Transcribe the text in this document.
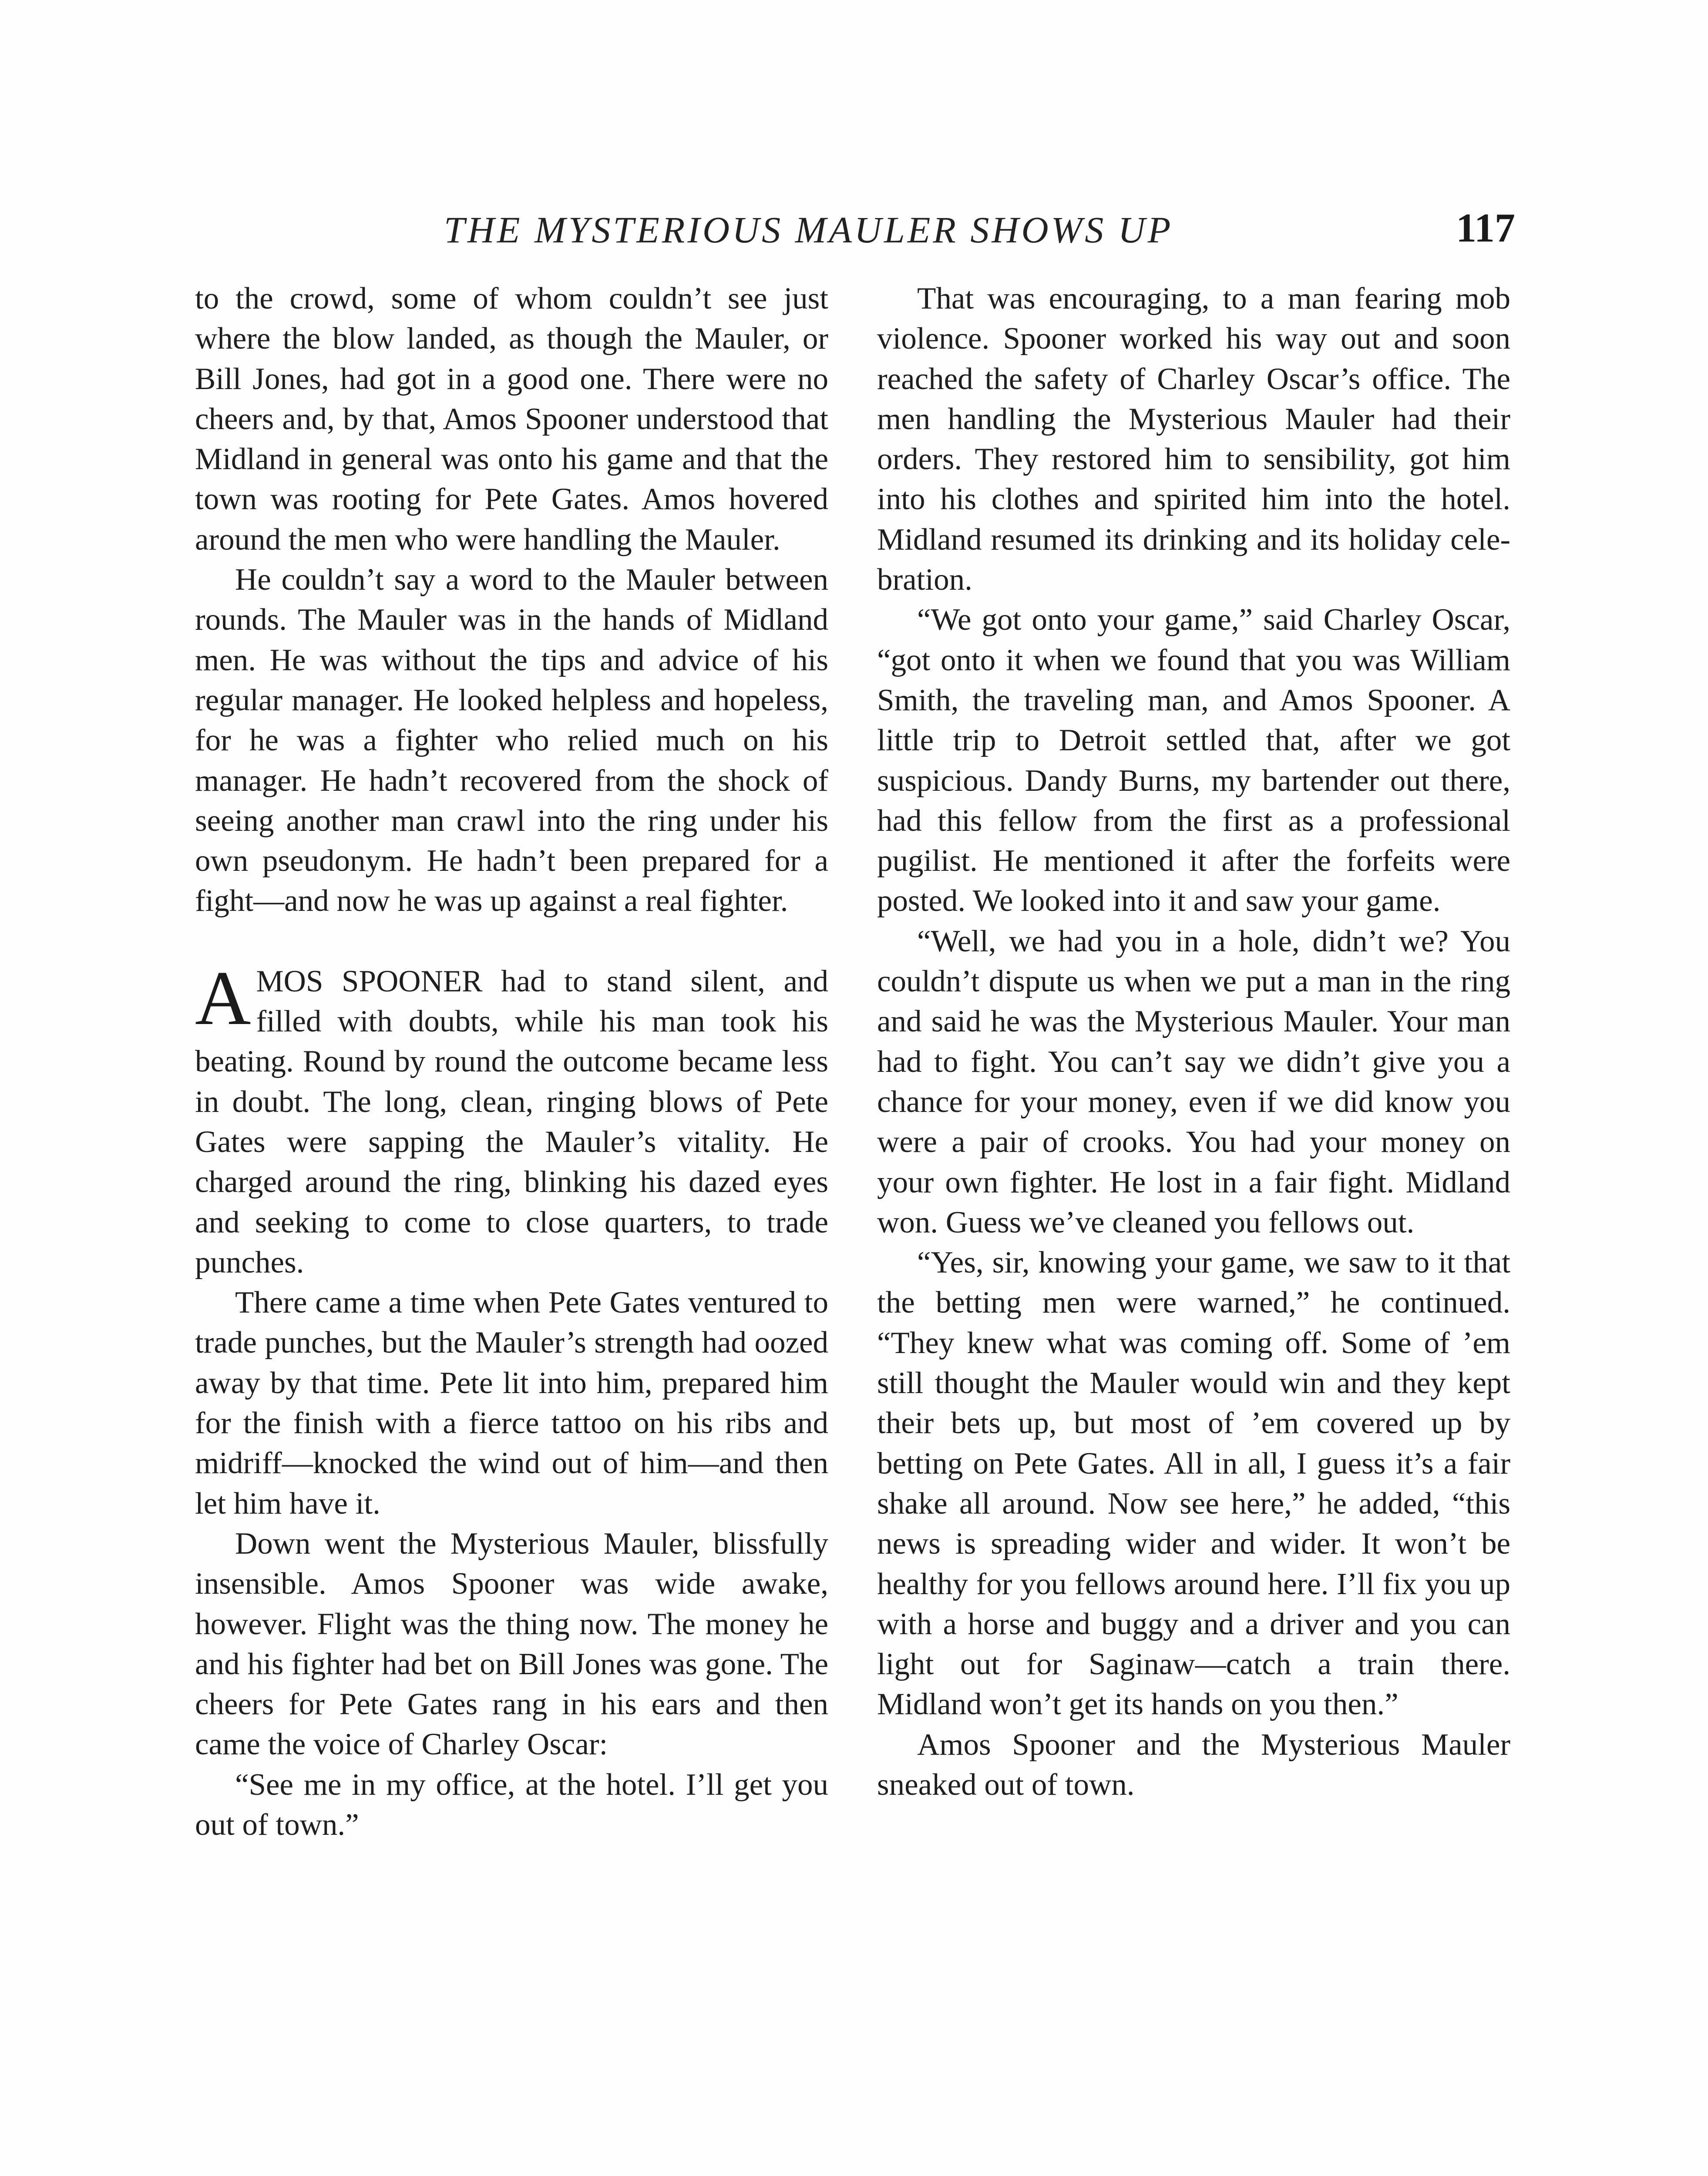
THE MYSTERIOUS MAULER SHOWS UP	117

to the crowd, some of whom couldn’t see just where the blow landed, as though the Mauler, or Bill Jones, had got in a good one. There were no cheers and, by that, Amos Spooner understood that Midland in general was onto his game and that the town was rooting for Pete Gates. Amos hovered around the men who were handling the Mauler.

He couldn’t say a word to the Mauler between rounds. The Mauler was in the hands of Midland men. He was without the tips and advice of his regular manager. He looked helpless and hopeless, for he was a fighter who relied much on his manager. He hadn’t recovered from the shock of seeing another man crawl into the ring under his own pseudonym. He hadn’t been prepared for a fight—and now he was up against a real fighter.

AMOS SPOONER had to stand silent, and filled with doubts, while his man took his beating. Round by round the outcome became less in doubt. The long, clean, ringing blows of Pete Gates were sapping the Mauler’s vitality. He charged around the ring, blinking his dazed eyes and seeking to come to close quarters, to trade punches.

There came a time when Pete Gates ventured to trade punches, but the Mauler’s strength had oozed away by that time. Pete lit into him, prepared him for the finish with a fierce tattoo on his ribs and midriff—knocked the wind out of him—and then let him have it.

Down went the Mysterious Mauler, blissfully insensible. Amos Spooner was wide awake, however. Flight was the thing now. The money he and his fighter had bet on Bill Jones was gone. The cheers for Pete Gates rang in his ears and then came the voice of Charley Oscar:

“See me in my office, at the hotel. I’ll get you out of town.”

That was encouraging, to a man fearing mob violence. Spooner worked his way out and soon reached the safety of Charley Oscar’s office. The men handling the Mysterious Mauler had their orders. They restored him to sensibility, got him into his clothes and spirited him into the hotel. Midland resumed its drinking and its holiday celebration.

“We got onto your game,” said Charley Oscar, “got onto it when we found that you was William Smith, the traveling man, and Amos Spooner. A little trip to Detroit settled that, after we got suspicious. Dandy Burns, my bartender out there, had this fellow from the first as a professional pugilist. He mentioned it after the forfeits were posted. We looked into it and saw your game.

“Well, we had you in a hole, didn’t we? You couldn’t dispute us when we put a man in the ring and said he was the Mysterious Mauler. Your man had to fight. You can’t say we didn’t give you a chance for your money, even if we did know you were a pair of crooks. You had your money on your own fighter. He lost in a fair fight. Midland won. Guess we’ve cleaned you fellows out.

“Yes, sir, knowing your game, we saw to it that the betting men were warned,” he continued. “They knew what was coming off. Some of ’em still thought the Mauler would win and they kept their bets up, but most of ’em covered up by betting on Pete Gates. All in all, I guess it’s a fair shake all around. Now see here,” he added, “this news is spreading wider and wider. It won’t be healthy for you fellows around here. I’ll fix you up with a horse and buggy and a driver and you can light out for Saginaw—catch a train there. Midland won’t get its hands on you then.”

Amos Spooner and the Mysterious Mauler sneaked out of town.
